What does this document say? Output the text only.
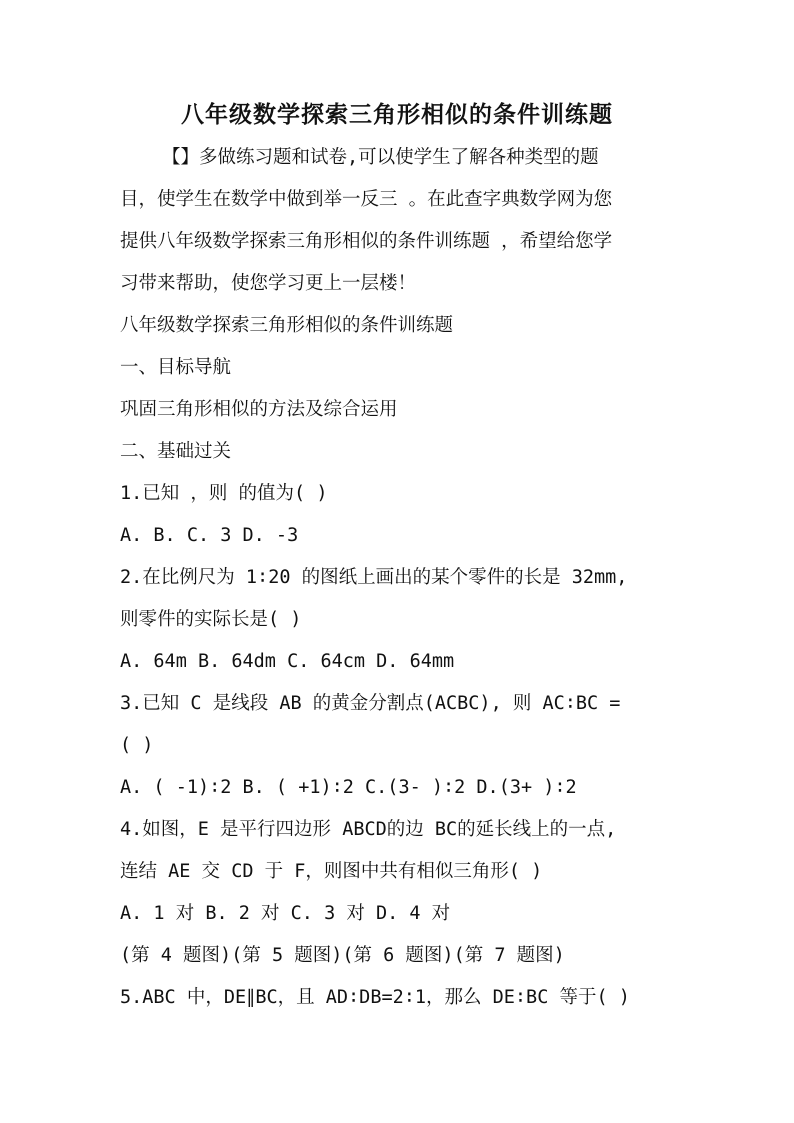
八年级数学探索三角形相似的条件训练题
【】多做练习题和试卷,可以使学生了解各种类型的题
目，使学生在数学中做到举一反三 。在此查字典数学网为您
提供八年级数学探索三角形相似的条件训练题 ，希望给您学
习带来帮助，使您学习更上一层楼！
八年级数学探索三角形相似的条件训练题
一、目标导航
巩固三角形相似的方法及综合运用
二、基础过关
1.已知 ，则 的值为( )
A. B. C. 3 D. -3
2.在比例尺为 1∶20 的图纸上画出的某个零件的长是 32mm,
则零件的实际长是( )
A. 64m B. 64dm C. 64cm D. 64mm
3.已知 C 是线段 AB 的黄金分割点(ACBC), 则 AC∶BC =
( )
A. ( -1)∶2 B. ( +1)∶2 C.(3- )∶2 D.(3+ )∶2
4.如图，E 是平行四边形 ABCD的边 BC的延长线上的一点,
连结 AE 交 CD 于 F，则图中共有相似三角形( )
A. 1 对 B. 2 对 C. 3 对 D. 4 对
(第 4 题图)(第 5 题图)(第 6 题图)(第 7 题图)
5.ABC 中，DE∥BC，且 AD∶DB=2∶1，那么 DE∶BC 等于( )
